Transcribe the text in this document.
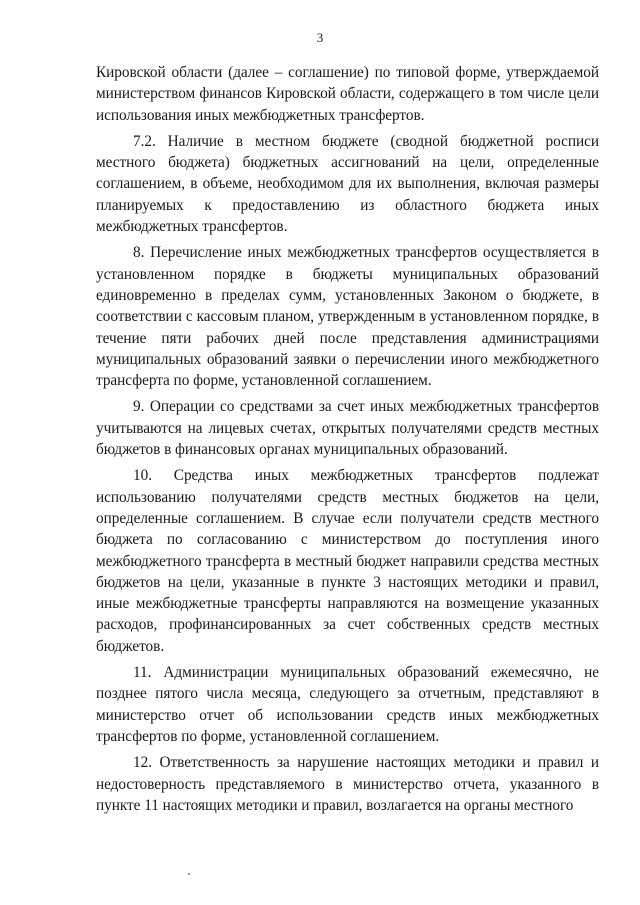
3

Кировской области (далее – соглашение) по типовой форме, утверждаемой министерством финансов Кировской области, содержащего в том числе цели использования иных межбюджетных трансфертов.

7.2. Наличие в местном бюджете (сводной бюджетной росписи местного бюджета) бюджетных ассигнований на цели, определенные соглашением, в объеме, необходимом для их выполнения, включая размеры планируемых к предоставлению из областного бюджета иных межбюджетных трансфертов.

8. Перечисление иных межбюджетных трансфертов осуществляется в установленном порядке в бюджеты муниципальных образований единовременно в пределах сумм, установленных Законом о бюджете, в соответствии с кассовым планом, утвержденным в установленном порядке, в течение пяти рабочих дней после представления администрациями муниципальных образований заявки о перечислении иного межбюджетного трансферта по форме, установленной соглашением.

9. Операции со средствами за счет иных межбюджетных трансфертов учитываются на лицевых счетах, открытых получателями средств местных бюджетов в финансовых органах муниципальных образований.

10. Средства иных межбюджетных трансфертов подлежат использованию получателями средств местных бюджетов на цели, определенные соглашением. В случае если получатели средств местного бюджета по согласованию с министерством до поступления иного межбюджетного трансферта в местный бюджет направили средства местных бюджетов на цели, указанные в пункте 3 настоящих методики и правил, иные межбюджетные трансферты направляются на возмещение указанных расходов, профинансированных за счет собственных средств местных бюджетов.

11. Администрации муниципальных образований ежемесячно, не позднее пятого числа месяца, следующего за отчетным, представляют в министерство отчет об использовании средств иных межбюджетных трансфертов по форме, установленной соглашением.

12. Ответственность за нарушение настоящих методики и правил и недостоверность представляемого в министерство отчета, указанного в пункте 11 настоящих методики и правил, возлагается на органы местного
